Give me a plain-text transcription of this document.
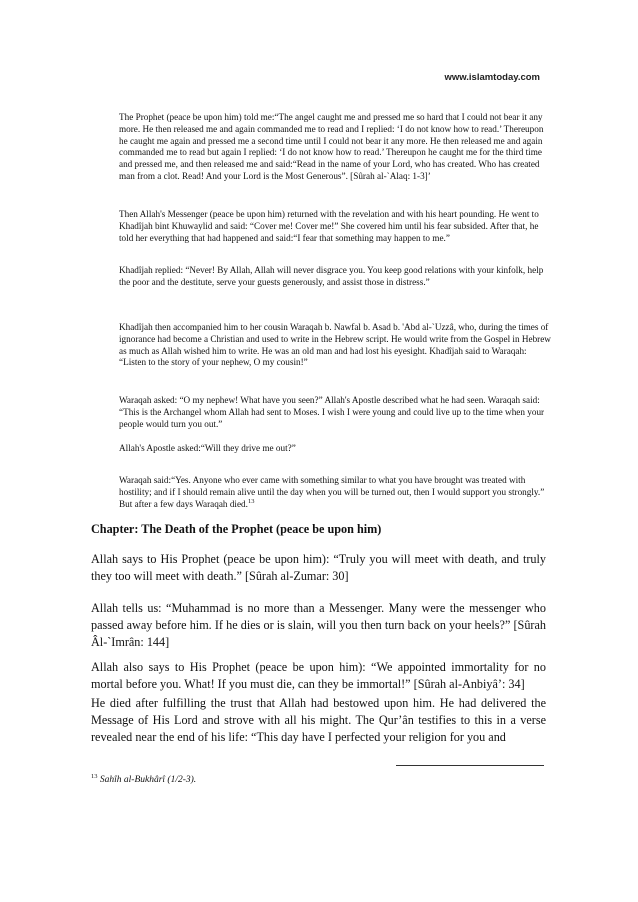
www.islamtoday.com

The Prophet (peace be upon him) told me:“The angel caught me and pressed me so hard that I could not bear it any more. He then released me and again commanded me to read and I replied: ‘I do not know how to read.’ Thereupon he caught me again and pressed me a second time until I could not bear it any more. He then released me and again commanded me to read but again I replied: ‘I do not know how to read.’ Thereupon he caught me for the third time and pressed me, and then released me and said:“Read in the name of your Lord, who has created. Who has created man from a clot. Read! And your Lord is the Most Generous”. [Sûrah al-`Alaq: 1-3]’

Then Allah's Messenger (peace be upon him) returned with the revelation and with his heart pounding. He went to Khadîjah bint Khuwaylid and said: “Cover me! Cover me!” She covered him until his fear subsided. After that, he told her everything that had happened and said:“I fear that something may happen to me.”

Khadîjah replied: “Never! By Allah, Allah will never disgrace you. You keep good relations with your kinfolk, help the poor and the destitute, serve your guests generously, and assist those in distress.”

Khadîjah then accompanied him to her cousin Waraqah b. Nawfal b. Asad b. 'Abd al-`Uzzâ, who, during the times of ignorance had become a Christian and used to write in the Hebrew script. He would write from the Gospel in Hebrew as much as Allah wished him to write. He was an old man and had lost his eyesight. Khadîjah said to Waraqah: “Listen to the story of your nephew, O my cousin!”

Waraqah asked: “O my nephew! What have you seen?” Allah's Apostle described what he had seen. Waraqah said: “This is the Archangel whom Allah had sent to Moses. I wish I were young and could live up to the time when your people would turn you out.”

Allah's Apostle asked:“Will they drive me out?”

Waraqah said:“Yes. Anyone who ever came with something similar to what you have brought was treated with hostility; and if I should remain alive until the day when you will be turned out, then I would support you strongly.” But after a few days Waraqah died.$^{13}$

Chapter: The Death of the Prophet (peace be upon him)

Allah says to His Prophet (peace be upon him): “Truly you will meet with death, and truly they too will meet with death.” [Sûrah al-Zumar: 30]

Allah tells us: “Muhammad is no more than a Messenger. Many were the messenger who passed away before him. If he dies or is slain, will you then turn back on your heels?” [Sûrah Âl-`Imrân: 144]

Allah also says to His Prophet (peace be upon him): “We appointed immortality for no mortal before you. What! If you must die, can they be immortal!” [Sûrah al-Anbiyâ’: 34]

He died after fulfilling the trust that Allah had bestowed upon him. He had delivered the Message of His Lord and strove with all his might. The Qur’ân testifies to this in a verse revealed near the end of his life: “This day have I perfected your religion for you and

$^{13}$ Sahîh al-Bukhârî (1/2-3).
